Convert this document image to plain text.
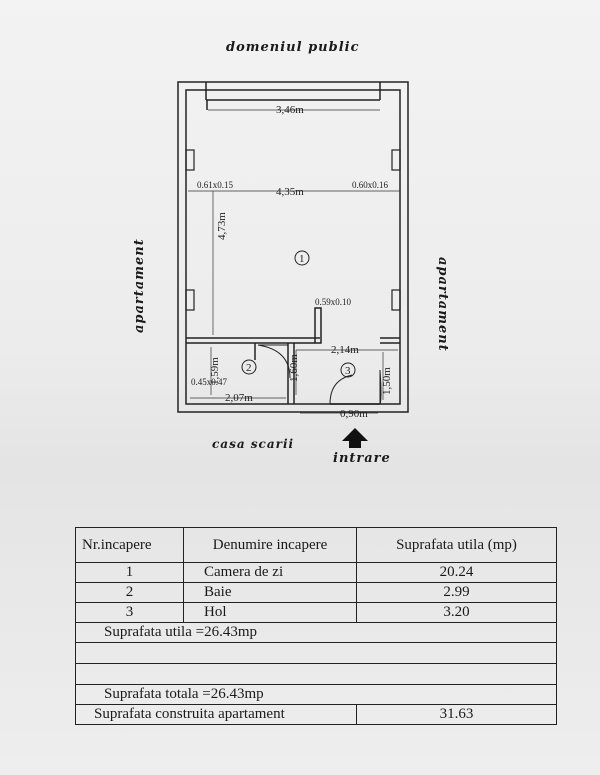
domeniul public
apartament	apartament
casa scarii
intrare
1
2	3
3,46m
4,35m
2,14m
2,07m
0,90m
4,73m
1,50m
1,60m
1,59m
0.61x0.15	0.60x0.16
0.59x0.10
0.45x0.47
Nr.incapere	Denumire incapere	Suprafata utila (mp)
1	Camera de zi	20.24
2	Baie	2.99
3	Hol	3.20
Suprafata utila =26.43mp		

Suprafata totala =26.43mp		
Suprafata construita apartament		31.63
